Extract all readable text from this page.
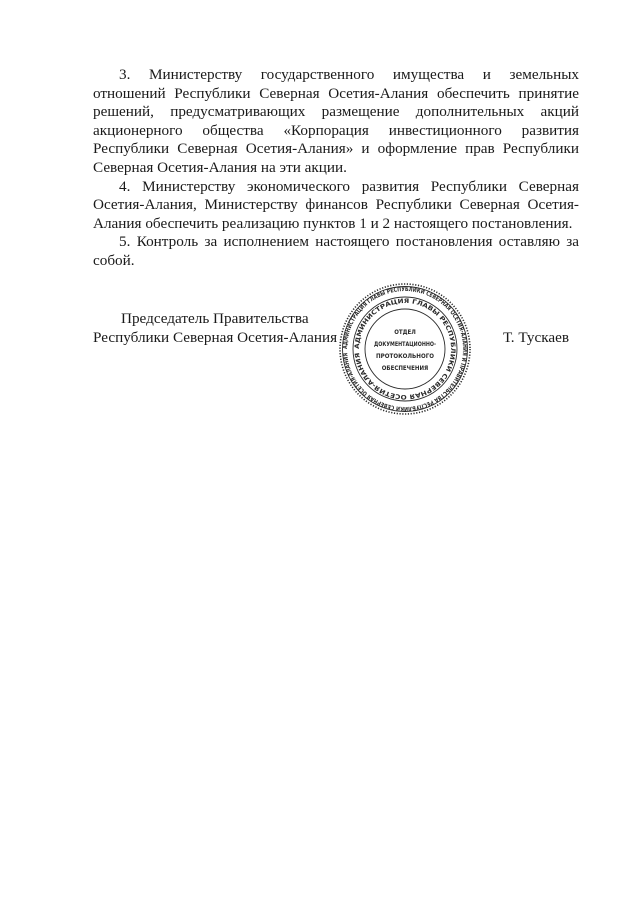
3. Министерству государственного имущества и земельных отношений Республики Северная Осетия-Алания обеспечить принятие решений, предусматривающих размещение дополнительных акций акционерного общества «Корпорация инвестиционного развития Республики Северная Осетия-Алания» и оформление прав Республики Северная Осетия-Алания на эти акции.

4. Министерству экономического развития Республики Северная Осетия-Алания, Министерству финансов Республики Северная Осетия-Алания обеспечить реализацию пунктов 1 и 2 настоящего постановления.

5. Контроль за исполнением настоящего постановления оставляю за собой.

Председатель Правительства
Республики Северная Осетия-Алания
АДМИНИСТРАЦИЯ ГЛАВЫ РЕСПУБЛИКИ СЕВЕРНАЯ ОСЕТИЯ-АЛАНИЯ И ПРАВИТЕЛЬСТВА РЕСПУБЛИКИ СЕВЕРНАЯ ОСЕТИЯ-АЛАНИЯ
АДМИНИСТРАЦИЯ ГЛАВЫ РЕСПУБЛИКИ СЕВЕРНАЯ ОСЕТИЯ-АЛАНИЯ
ОТДЕЛ
ДОКУМЕНТАЦИОННО-
ПРОТОКОЛЬНОГО
ОБЕСПЕЧЕНИЯ
Т. Тускаев
